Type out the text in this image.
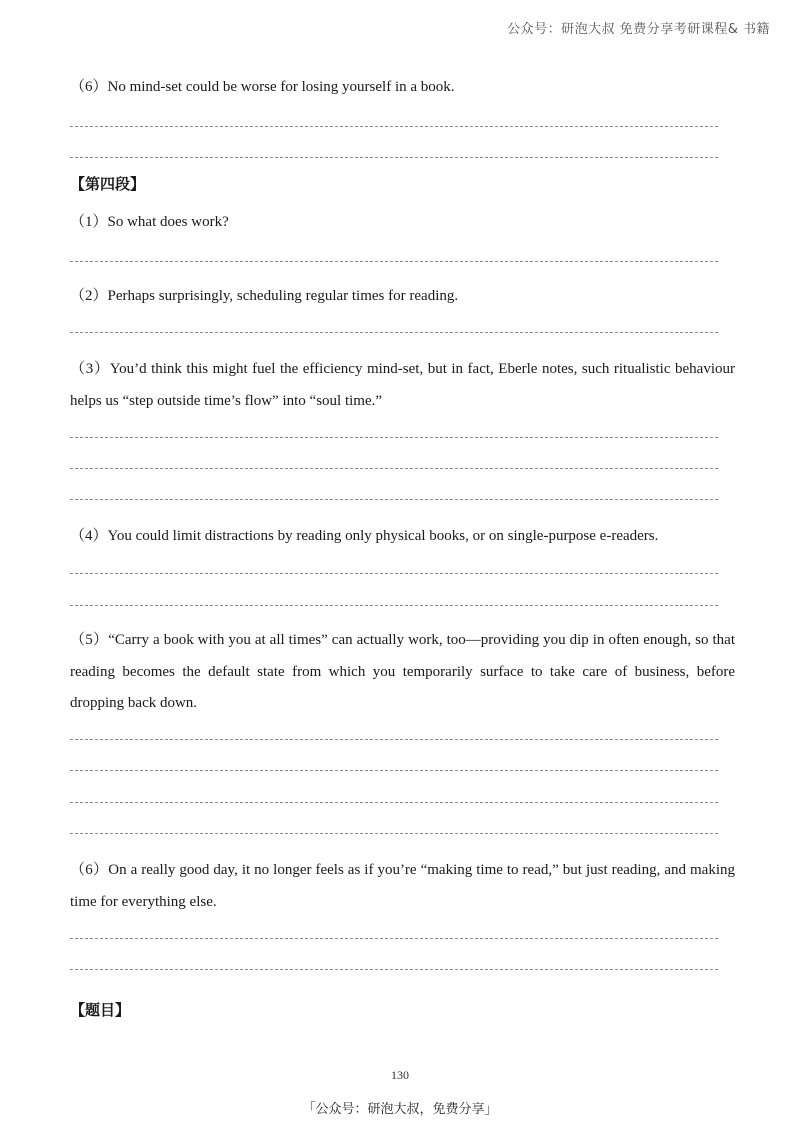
公众号：研泡大叔 免费分享考研课程& 书籍
（6）No mind-set could be worse for losing yourself in a book.
【第四段】
（1）So what does work?
（2）Perhaps surprisingly, scheduling regular times for reading.
（3）You’d think this might fuel the efficiency mind-set, but in fact, Eberle notes, such ritualistic behaviour helps us “step outside time’s flow” into “soul time.”
（4）You could limit distractions by reading only physical books, or on single-purpose e-readers.
（5）“Carry a book with you at all times” can actually work, too—providing you dip in often enough, so that reading becomes the default state from which you temporarily surface to take care of business, before dropping back down.
（6）On a really good day, it no longer feels as if you’re “making time to read,” but just reading, and making time for everything else.
【题目】
130
「公众号：研泡大叔，免费分享」
